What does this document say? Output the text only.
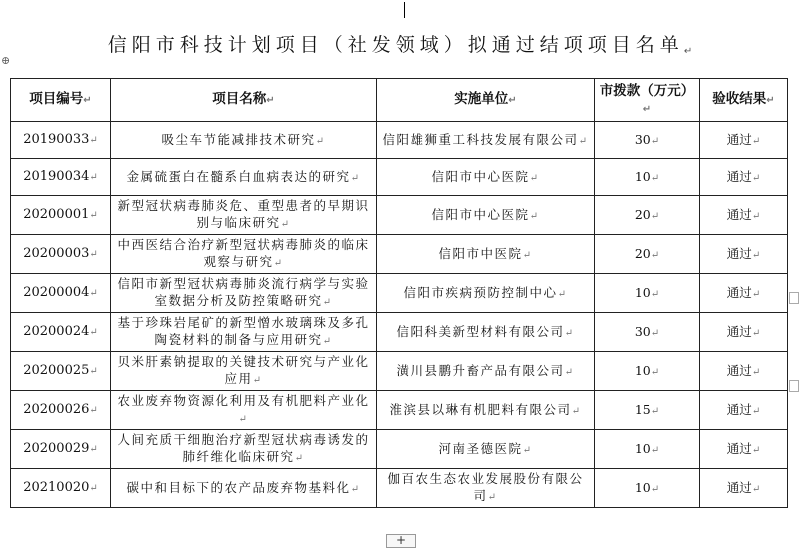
⊕
信阳市科技计划项目（社发领域）拟通过结项项目名单↵
项目编号↵	项目名称↵	实施单位↵	市拨款（万元）↵	验收结果↵
20190033↵	吸尘车节能减排技术研究↵	信阳雄狮重工科技发展有限公司↵	30↵	通过↵
20190034↵	金属硫蛋白在髓系白血病表达的研究↵	信阳市中心医院↵	10↵	通过↵
20200001↵	新型冠状病毒肺炎危、重型患者的早期识别与临床研究↵	信阳市中心医院↵	20↵	通过↵
20200003↵	中西医结合治疗新型冠状病毒肺炎的临床观察与研究↵	信阳市中医院↵	20↵	通过↵
20200004↵	信阳市新型冠状病毒肺炎流行病学与实验室数据分析及防控策略研究↵	信阳市疾病预防控制中心↵	10↵	通过↵
20200024↵	基于珍珠岩尾矿的新型憎水玻璃珠及多孔陶瓷材料的制备与应用研究↵	信阳科美新型材料有限公司↵	30↵	通过↵
20200025↵	贝米肝素钠提取的关键技术研究与产业化应用↵	潢川县鹏升畜产品有限公司↵	10↵	通过↵
20200026↵	农业废弃物资源化利用及有机肥料产业化↵	淮滨县以琳有机肥料有限公司↵	15↵	通过↵
20200029↵	人间充质干细胞治疗新型冠状病毒诱发的肺纤维化临床研究↵	河南圣德医院↵	10↵	通过↵
20210020↵	碳中和目标下的农产品废弃物基料化↵	伽百农生态农业发展股份有限公司↵	10↵	通过↵
+
